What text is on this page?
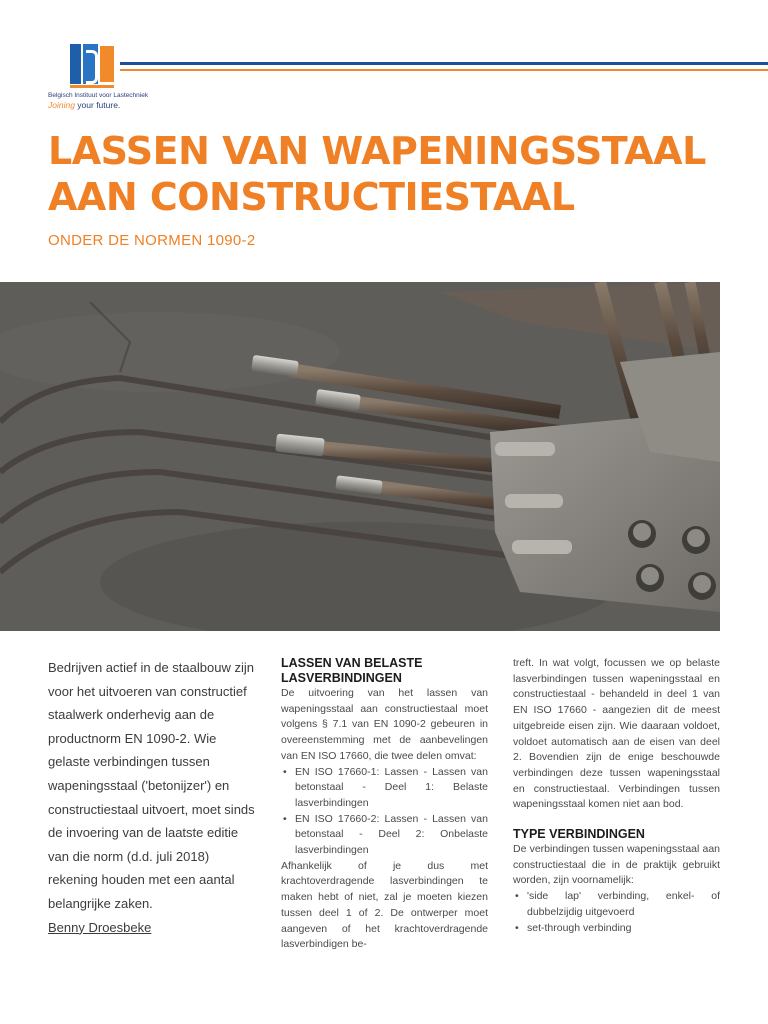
Belgisch Instituut voor Lastechniek
Joining your future.
LASSEN VAN WAPENINGSSTAAL
AAN CONSTRUCTIESTAAL

ONDER DE NORMEN 1090-2

Bedrijven actief in de staalbouw zijn voor het uitvoeren van constructief staalwerk onderhevig aan de productnorm EN 1090-2. Wie gelaste verbindingen tussen wapeningsstaal ('betonijzer') en constructiestaal uitvoert, moet sinds de invoering van de laatste editie van die norm (d.d. juli 2018) rekening houden met een aantal belangrijke zaken.

Benny Droesbeke
LASSEN VAN BELASTE LASVERBINDINGEN

De uitvoering van het lassen van wapeningsstaal aan constructiestaal moet volgens § 7.1 van EN 1090-2 gebeuren in overeenstemming met de aanbevelingen van EN ISO 17660, die twee delen omvat:

• EN ISO 17660-1: Lassen - Lassen van betonstaal - Deel 1: Belaste lasverbindingen
• EN ISO 17660-2: Lassen - Lassen van betonstaal - Deel 2: Onbelaste lasverbindingen

Afhankelijk of je dus met krachtoverdragende lasverbindingen te maken hebt of niet, zal je moeten kiezen tussen deel 1 of 2. De ontwerper moet aangeven of het krachtoverdragende lasverbindigen be-

treft. In wat volgt, focussen we op belaste lasverbindingen tussen wapeningsstaal en constructiestaal - behandeld in deel 1 van EN ISO 17660 - aangezien dit de meest uitgebreide eisen zijn. Wie daaraan voldoet, voldoet automatisch aan de eisen van deel 2. Bovendien zijn de enige beschouwde verbindingen deze tussen wapeningsstaal en constructiestaal. Verbindingen tussen wapeningsstaal komen niet aan bod.

TYPE VERBINDINGEN

De verbindingen tussen wapeningsstaal aan constructiestaal die in de praktijk gebruikt worden, zijn voornamelijk:

• 'side lap' verbinding, enkel- of dubbelzijdig uitgevoerd
• set-through verbinding
